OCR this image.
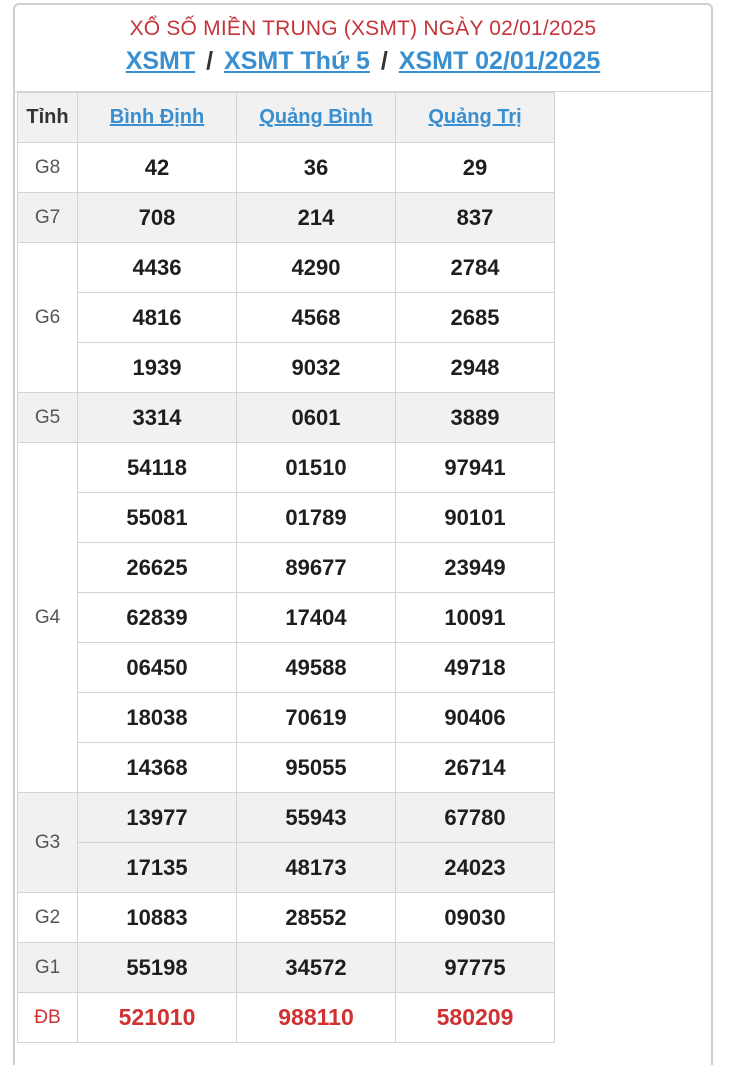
XỔ SỐ MIỀN TRUNG (XSMT) NGÀY 02/01/2025
XSMT / XSMT Thứ 5 / XSMT 02/01/2025
Tỉnh	Bình Định	Quảng Bình	Quảng Trị
G8	42	36	29
G7	708	214	837
G6	4436	4290	2784
	4816	4568	2685
	1939	9032	2948
G5	3314	0601	3889
G4	54118	01510	97941
	55081	01789	90101
	26625	89677	23949
	62839	17404	10091
	06450	49588	49718
	18038	70619	90406
	14368	95055	26714
G3	13977	55943	67780
	17135	48173	24023
G2	10883	28552	09030
G1	55198	34572	97775
ĐB	521010	988110	580209
